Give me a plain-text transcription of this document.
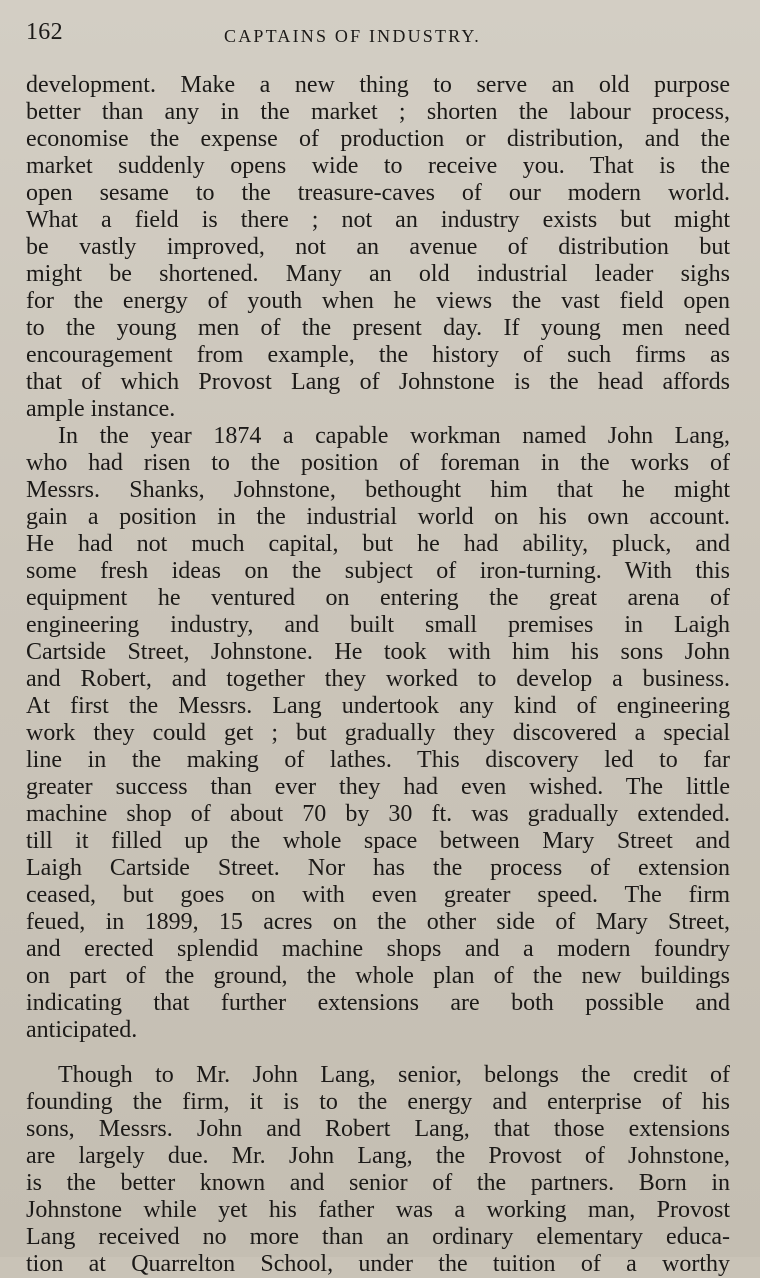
162	CAPTAINS OF INDUSTRY.
development. Make a new thing to serve an old purpose
better than any in the market ; shorten the labour process,
economise the expense of production or distribution, and the
market suddenly opens wide to receive you. That is the
open sesame to the treasure-caves of our modern world.
What a field is there ; not an industry exists but might
be vastly improved, not an avenue of distribution but
might be shortened. Many an old industrial leader sighs
for the energy of youth when he views the vast field open
to the young men of the present day. If young men need
encouragement from example, the history of such firms as
that of which Provost Lang of Johnstone is the head affords
ample instance.
In the year 1874 a capable workman named John Lang,
who had risen to the position of foreman in the works of
Messrs. Shanks, Johnstone, bethought him that he might
gain a position in the industrial world on his own account.
He had not much capital, but he had ability, pluck, and
some fresh ideas on the subject of iron-turning. With this
equipment he ventured on entering the great arena of
engineering industry, and built small premises in Laigh
Cartside Street, Johnstone. He took with him his sons John
and Robert, and together they worked to develop a business.
At first the Messrs. Lang undertook any kind of engineering
work they could get ; but gradually they discovered a special
line in the making of lathes. This discovery led to far
greater success than ever they had even wished. The little
machine shop of about 70 by 30 ft. was gradually extended.
till it filled up the whole space between Mary Street and
Laigh Cartside Street. Nor has the process of extension
ceased, but goes on with even greater speed. The firm
feued, in 1899, 15 acres on the other side of Mary Street,
and erected splendid machine shops and a modern foundry
on part of the ground, the whole plan of the new buildings
indicating that further extensions are both possible and
anticipated.
Though to Mr. John Lang, senior, belongs the credit of
founding the firm, it is to the energy and enterprise of his
sons, Messrs. John and Robert Lang, that those extensions
are largely due. Mr. John Lang, the Provost of Johnstone,
is the better known and senior of the partners. Born in
Johnstone while yet his father was a working man, Provost
Lang received no more than an ordinary elementary educa-
tion at Quarrelton School, under the tuition of a worthy
